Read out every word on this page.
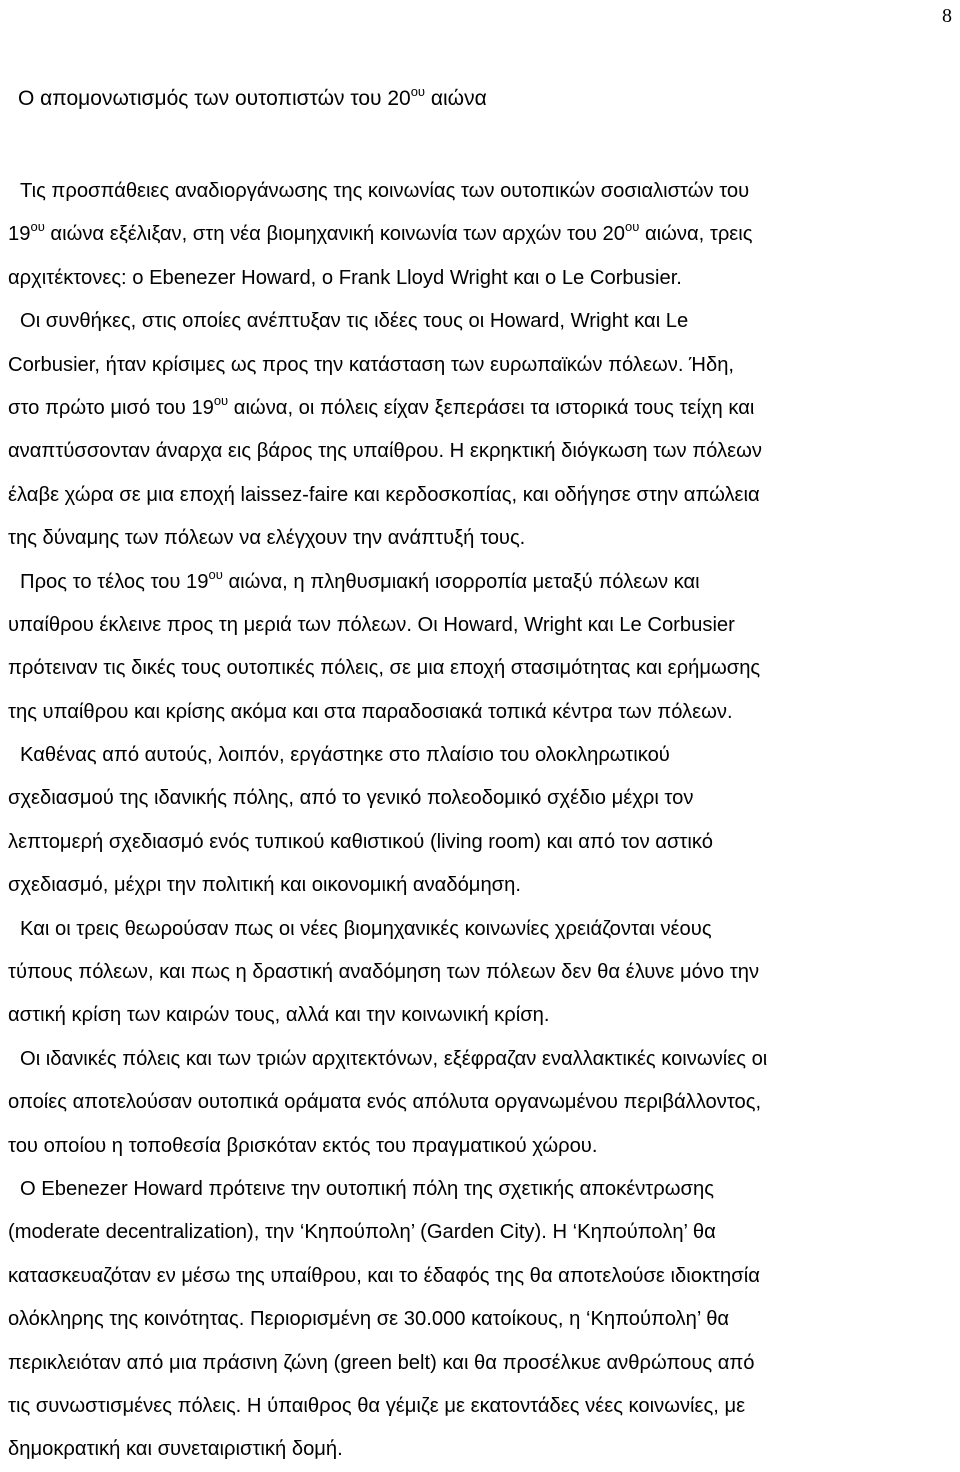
8
Ο απομονωτισμός των ουτοπιστών του $20^{o\upsilon}$ αιώνα
Τις προσπάθειες αναδιοργάνωσης της κοινωνίας των ουτοπικών σοσιαλιστών του
$19^{o\upsilon}$ αιώνα εξέλιξαν, στη νέα βιομηχανική κοινωνία των αρχών του $20^{o\upsilon}$ αιώνα, τρεις
αρχιτέκτονες: ο Ebenezer Howard, ο Frank Lloyd Wright και ο Le Corbusier.
Οι συνθήκες, στις οποίες ανέπτυξαν τις ιδέες τους οι Howard, Wright και Le
Corbusier, ήταν κρίσιμες ως προς την κατάσταση των ευρωπαϊκών πόλεων. Ήδη,
στο πρώτο μισό του $19^{o\upsilon}$ αιώνα, οι πόλεις είχαν ξεπεράσει τα ιστορικά τους τείχη και
αναπτύσσονταν άναρχα εις βάρος της υπαίθρου. Η εκρηκτική διόγκωση των πόλεων
έλαβε χώρα σε μια εποχή laissez-faire και κερδοσκοπίας, και οδήγησε στην απώλεια
της δύναμης των πόλεων να ελέγχουν την ανάπτυξή τους.
Προς το τέλος του $19^{o\upsilon}$ αιώνα, η πληθυσμιακή ισορροπία μεταξύ πόλεων και
υπαίθρου έκλεινε προς τη μεριά των πόλεων. Οι Howard, Wright και Le Corbusier
πρότειναν τις δικές τους ουτοπικές πόλεις, σε μια εποχή στασιμότητας και ερήμωσης
της υπαίθρου και κρίσης ακόμα και στα παραδοσιακά τοπικά κέντρα των πόλεων.
Καθένας από αυτούς, λοιπόν, εργάστηκε στο πλαίσιο του ολοκληρωτικού
σχεδιασμού της ιδανικής πόλης, από το γενικό πολεοδομικό σχέδιο μέχρι τον
λεπτομερή σχεδιασμό ενός τυπικού καθιστικού (living room) και από τον αστικό
σχεδιασμό, μέχρι την πολιτική και οικονομική αναδόμηση.
Και οι τρεις θεωρούσαν πως οι νέες βιομηχανικές κοινωνίες χρειάζονται νέους
τύπους πόλεων, και πως η δραστική αναδόμηση των πόλεων δεν θα έλυνε μόνο την
αστική κρίση των καιρών τους, αλλά και την κοινωνική κρίση.
Οι ιδανικές πόλεις και των τριών αρχιτεκτόνων, εξέφραζαν εναλλακτικές κοινωνίες οι
οποίες αποτελούσαν ουτοπικά οράματα ενός απόλυτα οργανωμένου περιβάλλοντος,
του οποίου η τοποθεσία βρισκόταν εκτός του πραγματικού χώρου.
Ο Ebenezer Howard πρότεινε την ουτοπική πόλη της σχετικής αποκέντρωσης
(moderate decentralization), την ‘Κηπούπολη’ (Garden City). Η ‘Κηπούπολη’ θα
κατασκευαζόταν εν μέσω της υπαίθρου, και το έδαφός της θα αποτελούσε ιδιοκτησία
ολόκληρης της κοινότητας. Περιορισμένη σε 30.000 κατοίκους, η ‘Κηπούπολη’ θα
περικλειόταν από μια πράσινη ζώνη (green belt) και θα προσέλκυε ανθρώπους από
τις συνωστισμένες πόλεις. Η ύπαιθρος θα γέμιζε με εκατοντάδες νέες κοινωνίες, με
δημοκρατική και συνεταιριστική δομή.
